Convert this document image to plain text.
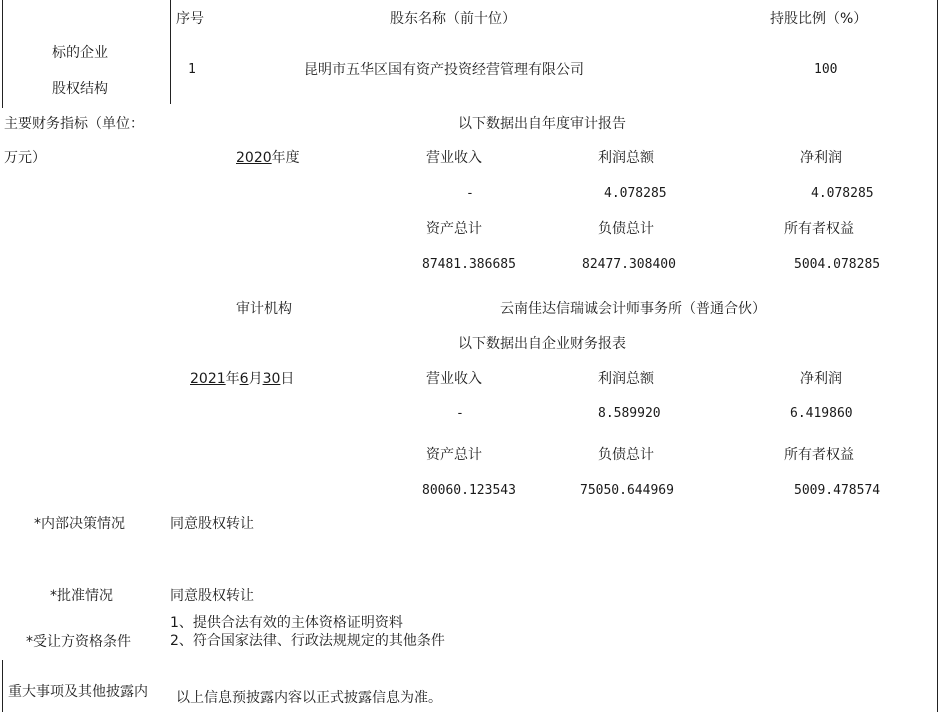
标的企业
股权结构
序号	股东名称（前十位）	持股比例（%）
1	昆明市五华区国有资产投资经营管理有限公司	100
主要财务指标（单位：
万元）
以下数据出自年度审计报告
2020年度	营业收入	利润总额	净利润
-	4.078285	4.078285
资产总计	负债总计	所有者权益
87481.386685	82477.308400	5004.078285
审计机构	云南佳达信瑞诚会计师事务所（普通合伙）
以下数据出自企业财务报表
2021年6月30日	营业收入	利润总额	净利润
-	8.589920	6.419860
资产总计	负债总计	所有者权益
80060.123543	75050.644969	5009.478574
*内部决策情况	同意股权转让
*批准情况	同意股权转让
*受让方资格条件
1、提供合法有效的主体资格证明资料
2、符合国家法律、行政法规规定的其他条件
重大事项及其他披露内 以上信息预披露内容以正式披露信息为准。
